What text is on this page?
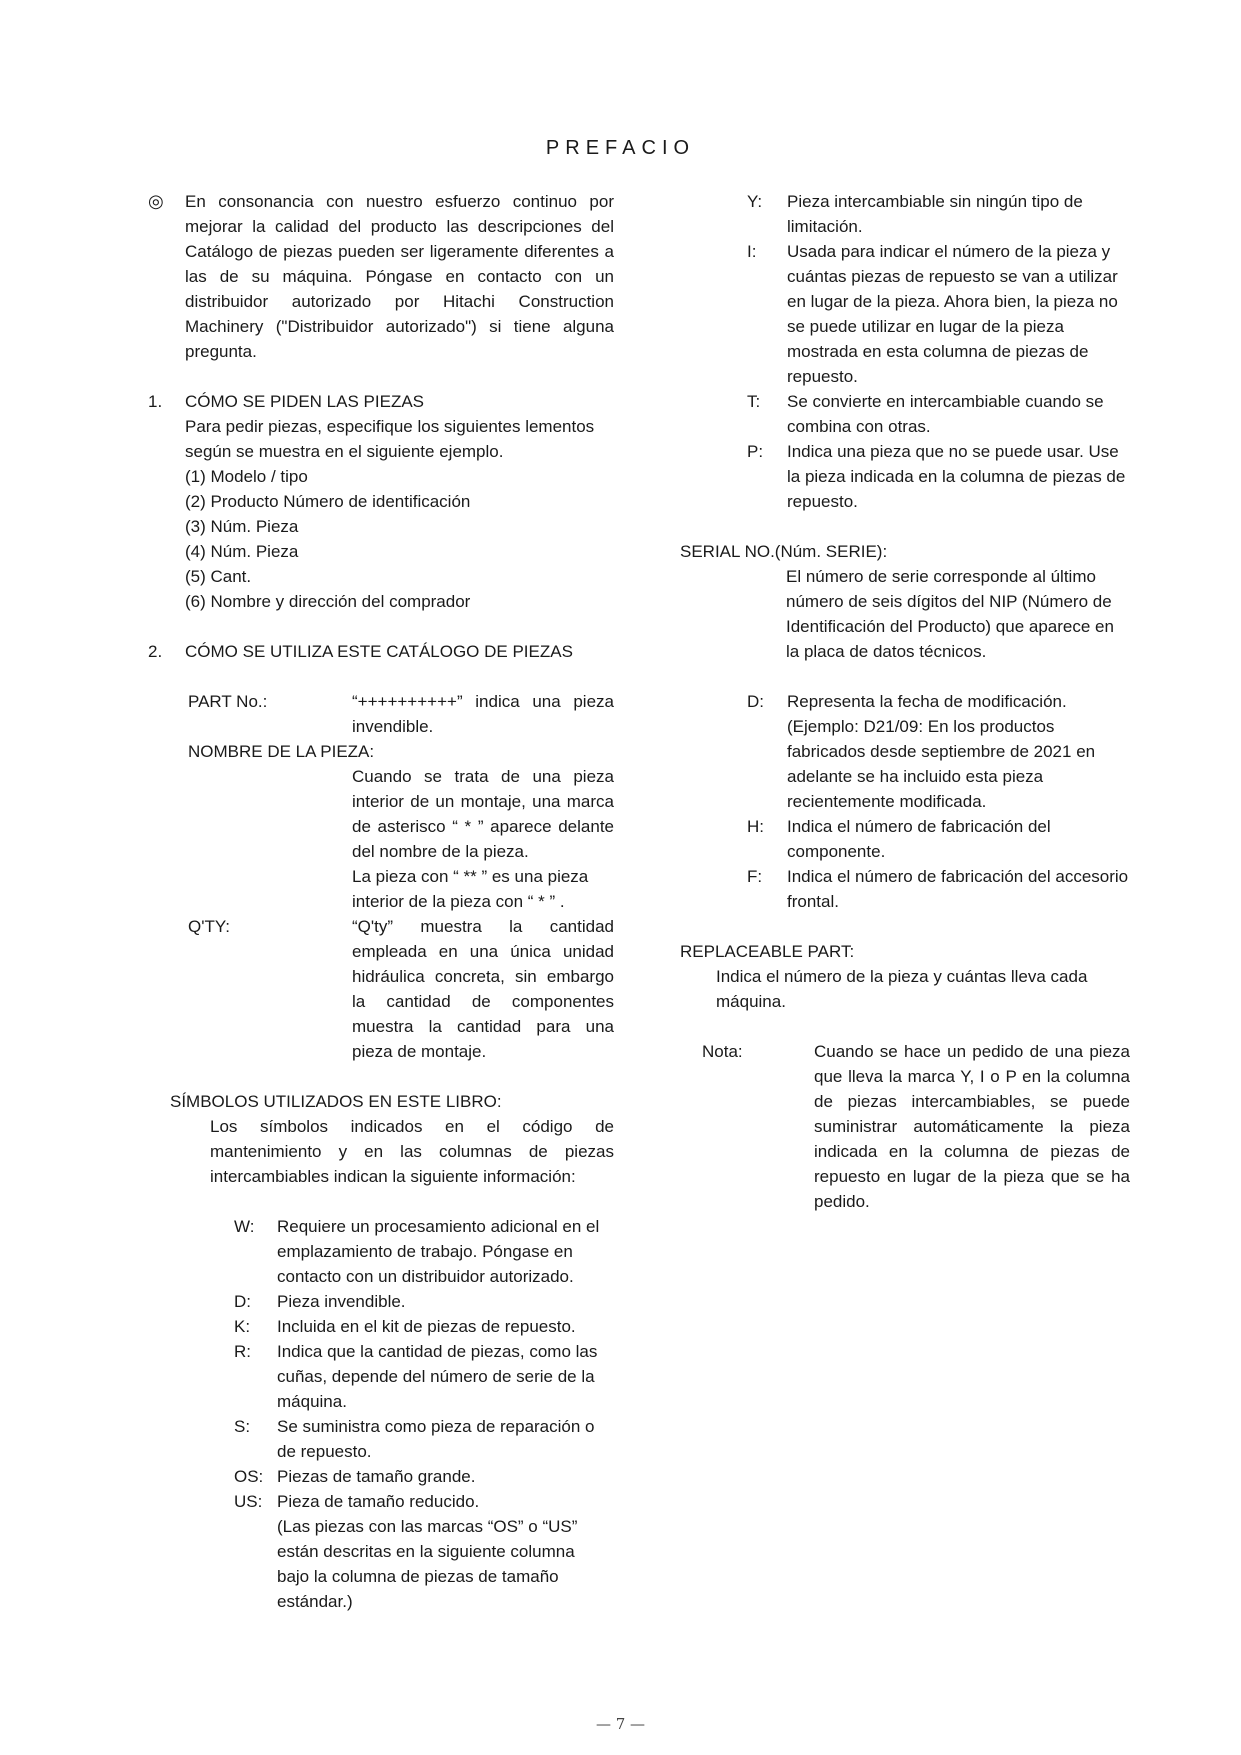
PREFACIO
◎ En consonancia con nuestro esfuerzo continuo por mejorar la calidad del producto las descripciones del Catálogo de piezas pueden ser ligeramente diferentes a las de su máquina. Póngase en contacto con un distribuidor autorizado por Hitachi Construction Machinery ("Distribuidor autorizado") si tiene alguna pregunta.
1. CÓMO SE PIDEN LAS PIEZAS
Para pedir piezas, especifique los siguientes lementos
según se muestra en el siguiente ejemplo.
(1) Modelo / tipo
(2) Producto Número de identificación
(3) Núm. Pieza
(4) Núm. Pieza
(5) Cant.
(6) Nombre y dirección del comprador
2. CÓMO SE UTILIZA ESTE CATÁLOGO DE PIEZAS
PART No.:	“++++++++++” indica una pieza invendible.
NOMBRE DE LA PIEZA:
Cuando se trata de una pieza interior de un montaje, una marca de asterisco “ * ” aparece delante del nombre de la pieza.
La pieza con “ ** ” es una pieza interior de la pieza con “ * ” .
Q'TY:	“Q'ty” muestra la cantidad empleada en una única unidad hidráulica concreta, sin embargo la cantidad de componentes muestra la cantidad para una pieza de montaje.
SÍMBOLOS UTILIZADOS EN ESTE LIBRO:
Los símbolos indicados en el código de mantenimiento y en las columnas de piezas intercambiables indican la siguiente información:
W: Requiere un procesamiento adicional en el emplazamiento de trabajo. Póngase en contacto con un distribuidor autorizado.
D: Pieza invendible.
K: Incluida en el kit de piezas de repuesto.
R: Indica que la cantidad de piezas, como las cuñas, depende del número de serie de la máquina.
S: Se suministra como pieza de reparación o de repuesto.
OS: Piezas de tamaño grande.
US: Pieza de tamaño reducido.
(Las piezas con las marcas “OS” o “US” están descritas en la siguiente columna bajo la columna de piezas de tamaño estándar.)
Y: Pieza intercambiable sin ningún tipo de limitación.
I: Usada para indicar el número de la pieza y cuántas piezas de repuesto se van a utilizar en lugar de la pieza. Ahora bien, la pieza no se puede utilizar en lugar de la pieza mostrada en esta columna de piezas de repuesto.
T: Se convierte en intercambiable cuando se combina con otras.
P: Indica una pieza que no se puede usar. Use la pieza indicada en la columna de piezas de repuesto.
SERIAL NO.(Núm. SERIE):
El número de serie corresponde al último número de seis dígitos del NIP (Número de Identificación del Producto) que aparece en la placa de datos técnicos.
D: Representa la fecha de modificación. (Ejemplo: D21/09: En los productos fabricados desde septiembre de 2021 en adelante se ha incluido esta pieza recientemente modificada.
H: Indica el número de fabricación del componente.
F: Indica el número de fabricación del accesorio frontal.
REPLACEABLE PART:
Indica el número de la pieza y cuántas lleva cada máquina.
Nota:	Cuando se hace un pedido de una pieza que lleva la marca Y, I o P en la columna de piezas intercambiables, se puede suministrar automáticamente la pieza indicada en la columna de piezas de repuesto en lugar de la pieza que se ha pedido.
— 7 —
